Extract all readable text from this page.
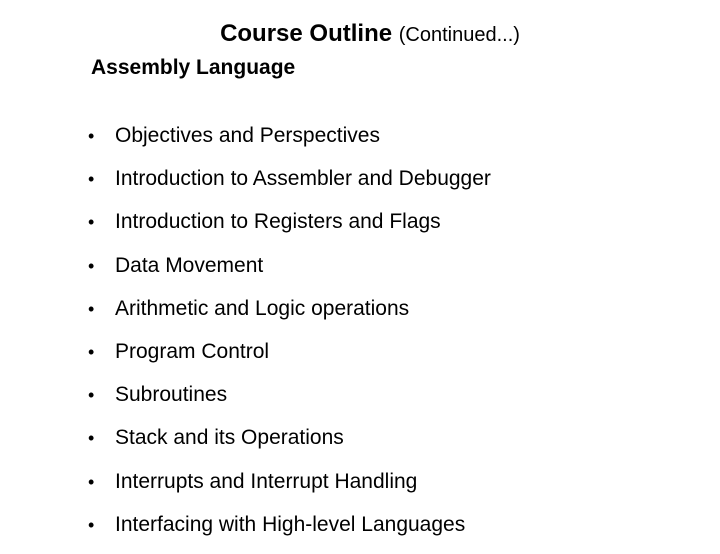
Course Outline (Continued...)
Assembly Language
• Objectives and Perspectives
• Introduction to Assembler and Debugger
• Introduction to Registers and Flags
• Data Movement
• Arithmetic and Logic operations
• Program Control
• Subroutines
• Stack and its Operations
• Interrupts and Interrupt Handling
• Interfacing with High-level Languages
